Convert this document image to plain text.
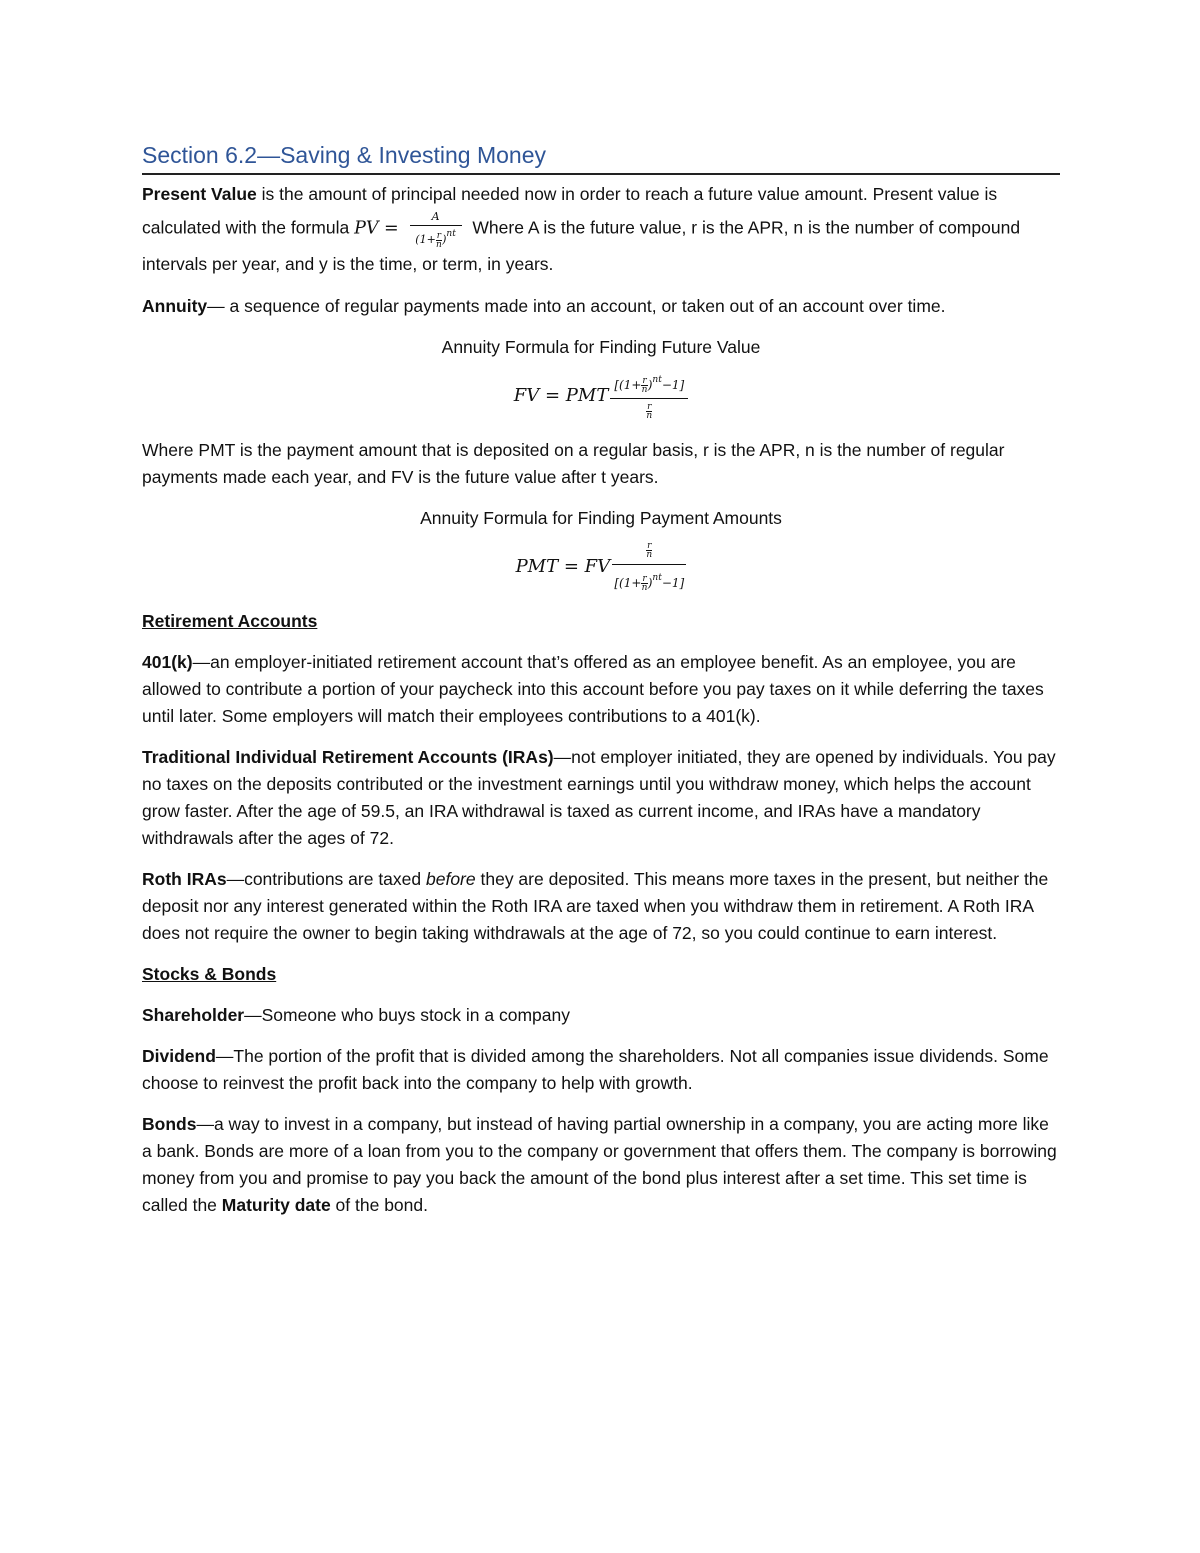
Section 6.2—Saving & Investing Money

Present Value is the amount of principal needed now in order to reach a future value amount. Present value is calculated with the formula PV = $\frac{A}{(1+ \frac{r}{n} )^{nt}}$ Where A is the future value, r is the APR, n is the number of compound intervals per year, and y is the time, or term, in years.

Annuity— a sequence of regular payments made into an account, or taken out of an account over time.

Annuity Formula for Finding Future Value

FV = PMT $\frac{[(1+ \frac{r}{n} )^{nt}-1]}{\frac{r}{n}}$

Where PMT is the payment amount that is deposited on a regular basis, r is the APR, n is the number of regular payments made each year, and FV is the future value after t years.

Annuity Formula for Finding Payment Amounts

PMT = FV $\frac{\frac{r}{n}}{[(1+ \frac{r}{n} )^{nt}-1]}$
Retirement Accounts

401(k)—an employer-initiated retirement account that’s offered as an employee benefit. As an employee, you are allowed to contribute a portion of your paycheck into this account before you pay taxes on it while deferring the taxes until later. Some employers will match their employees contributions to a 401(k).

Traditional Individual Retirement Accounts (IRAs)—not employer initiated, they are opened by individuals. You pay no taxes on the deposits contributed or the investment earnings until you withdraw money, which helps the account grow faster. After the age of 59.5, an IRA withdrawal is taxed as current income, and IRAs have a mandatory withdrawals after the ages of 72.

Roth IRAs—contributions are taxed before they are deposited. This means more taxes in the present, but neither the deposit nor any interest generated within the Roth IRA are taxed when you withdraw them in retirement. A Roth IRA does not require the owner to begin taking withdrawals at the age of 72, so you could continue to earn interest.

Stocks & Bonds

Shareholder—Someone who buys stock in a company

Dividend—The portion of the profit that is divided among the shareholders. Not all companies issue dividends. Some choose to reinvest the profit back into the company to help with growth.

Bonds—a way to invest in a company, but instead of having partial ownership in a company, you are acting more like a bank. Bonds are more of a loan from you to the company or government that offers them. The company is borrowing money from you and promise to pay you back the amount of the bond plus interest after a set time. This set time is called the Maturity date of the bond.
